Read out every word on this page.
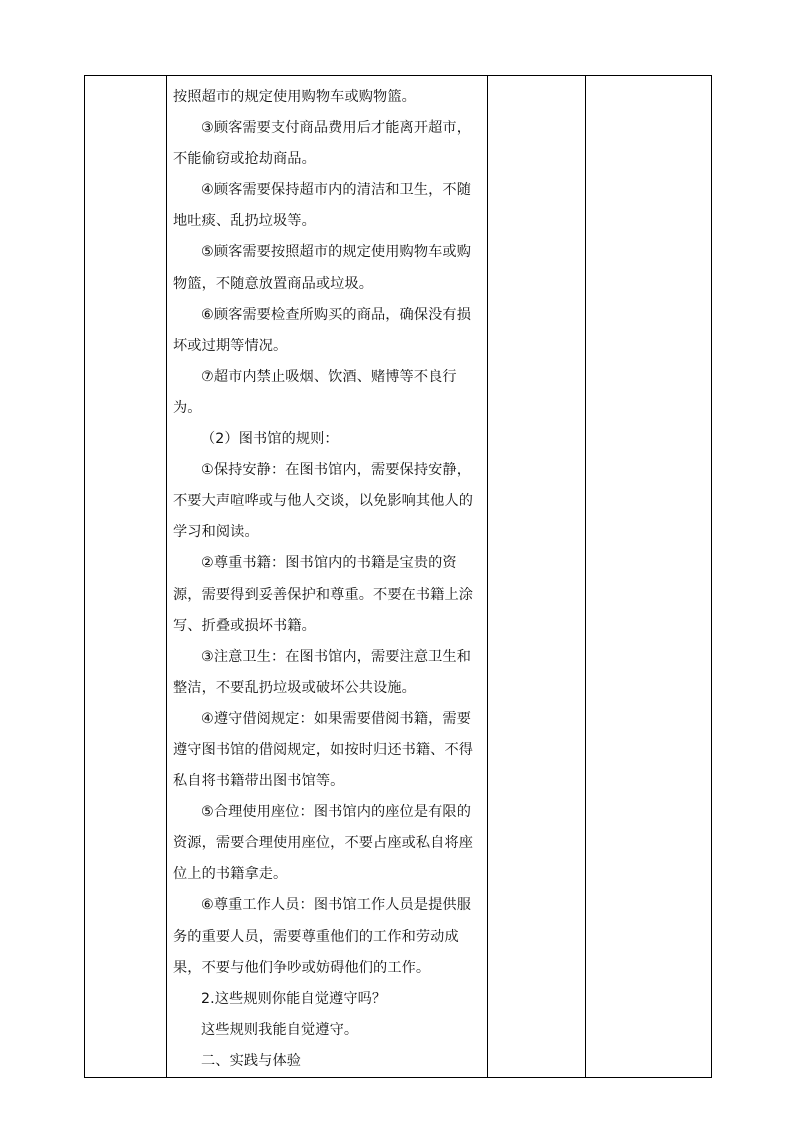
按照超市的规定使用购物车或购物篮。

③顾客需要支付商品费用后才能离开超市，不能偷窃或抢劫商品。

④顾客需要保持超市内的清洁和卫生，不随地吐痰、乱扔垃圾等。

⑤顾客需要按照超市的规定使用购物车或购物篮，不随意放置商品或垃圾。

⑥顾客需要检查所购买的商品，确保没有损坏或过期等情况。

⑦超市内禁止吸烟、饮酒、赌博等不良行为。

（2）图书馆的规则：

①保持安静：在图书馆内，需要保持安静，不要大声喧哗或与他人交谈，以免影响其他人的学习和阅读。

②尊重书籍：图书馆内的书籍是宝贵的资源，需要得到妥善保护和尊重。不要在书籍上涂写、折叠或损坏书籍。

③注意卫生：在图书馆内，需要注意卫生和整洁，不要乱扔垃圾或破坏公共设施。

④遵守借阅规定：如果需要借阅书籍，需要遵守图书馆的借阅规定，如按时归还书籍、不得私自将书籍带出图书馆等。

⑤合理使用座位：图书馆内的座位是有限的资源，需要合理使用座位，不要占座或私自将座位上的书籍拿走。

⑥尊重工作人员：图书馆工作人员是提供服务的重要人员，需要尊重他们的工作和劳动成果，不要与他们争吵或妨碍他们的工作。

2.这些规则你能自觉遵守吗？

这些规则我能自觉遵守。

二、实践与体验
